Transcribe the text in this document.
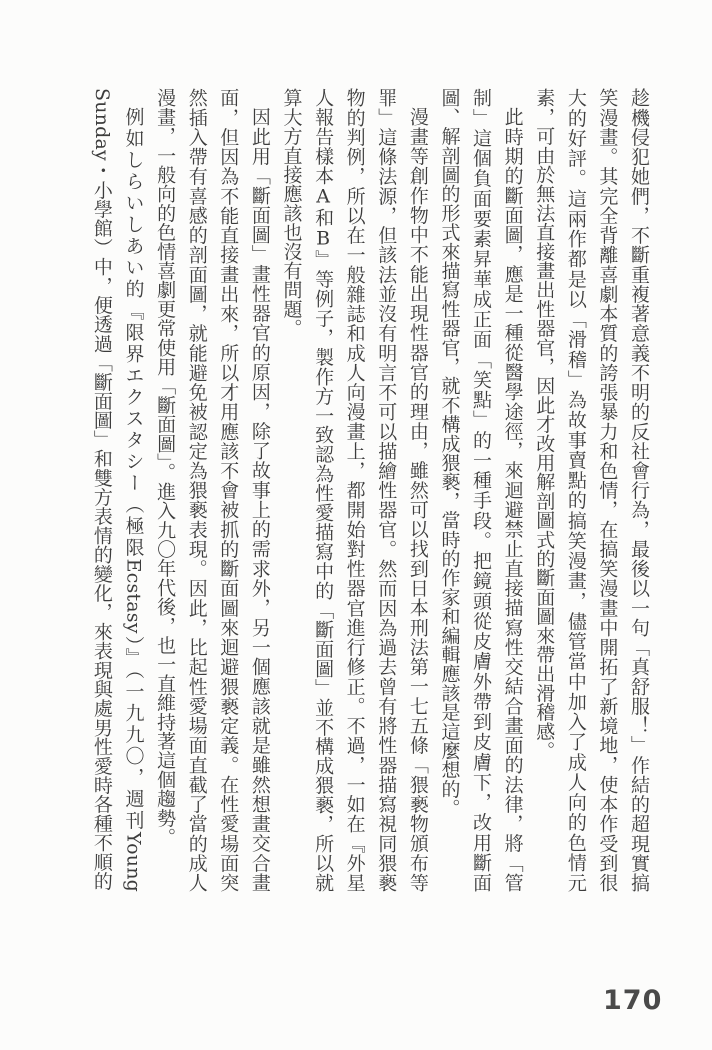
趁機侵犯她們，不斷重複著意義不明的反社會行為，最後以一句「真舒服！」作結的超現實搞笑漫畫。其完全背離喜劇本質的誇張暴力和色情，在搞笑漫畫中開拓了新境地，使本作受到很大的好評。這兩作都是以「滑稽」為故事賣點的搞笑漫畫，儘管當中加入了成人向的色情元素，可由於無法直接畫出性器官，因此才改用解剖圖式的斷面圖來帶出滑稽感。

此時期的斷面圖，應是一種從醫學途徑，來迴避禁止直接描寫性交結合畫面的法律，將「管制」這個負面要素昇華成正面「笑點」的一種手段。把鏡頭從皮膚外帶到皮膚下，改用斷面圖、解剖圖的形式來描寫性器官，就不構成猥褻，當時的作家和編輯應該是這麼想的。

漫畫等創作物中不能出現性器官的理由，雖然可以找到日本刑法第一七五條「猥褻物頒布等罪」這條法源，但該法並沒有明言不可以描繪性器官。然而因為過去曾有將性器描寫視同猥褻物的判例，所以在一般雜誌和成人向漫畫上，都開始對性器官進行修正。不過，一如在『外星人報告樣本A和B』等例子，製作方一致認為性愛描寫中的「斷面圖」並不構成猥褻，所以就算大方直接應該也沒有問題。

因此用「斷面圖」畫性器官的原因，除了故事上的需求外，另一個應該就是雖然想畫交合畫面，但因為不能直接畫出來，所以才用應該不會被抓的斷面圖來迴避猥褻定義。在性愛場面突然插入帶有喜感的剖面圖，就能避免被認定為猥褻表現。因此，比起性愛場面直截了當的成人漫畫，一般向的色情喜劇更常使用「斷面圖」。進入九〇年代後，也一直維持著這個趨勢。

例如しらいしあい的『限界エクスタシー（極限Ecstasy）』（一九九〇，週刊Young Sunday・小學館）中，便透過「斷面圖」和雙方表情的變化，來表現與處男性愛時各種不順的

170
